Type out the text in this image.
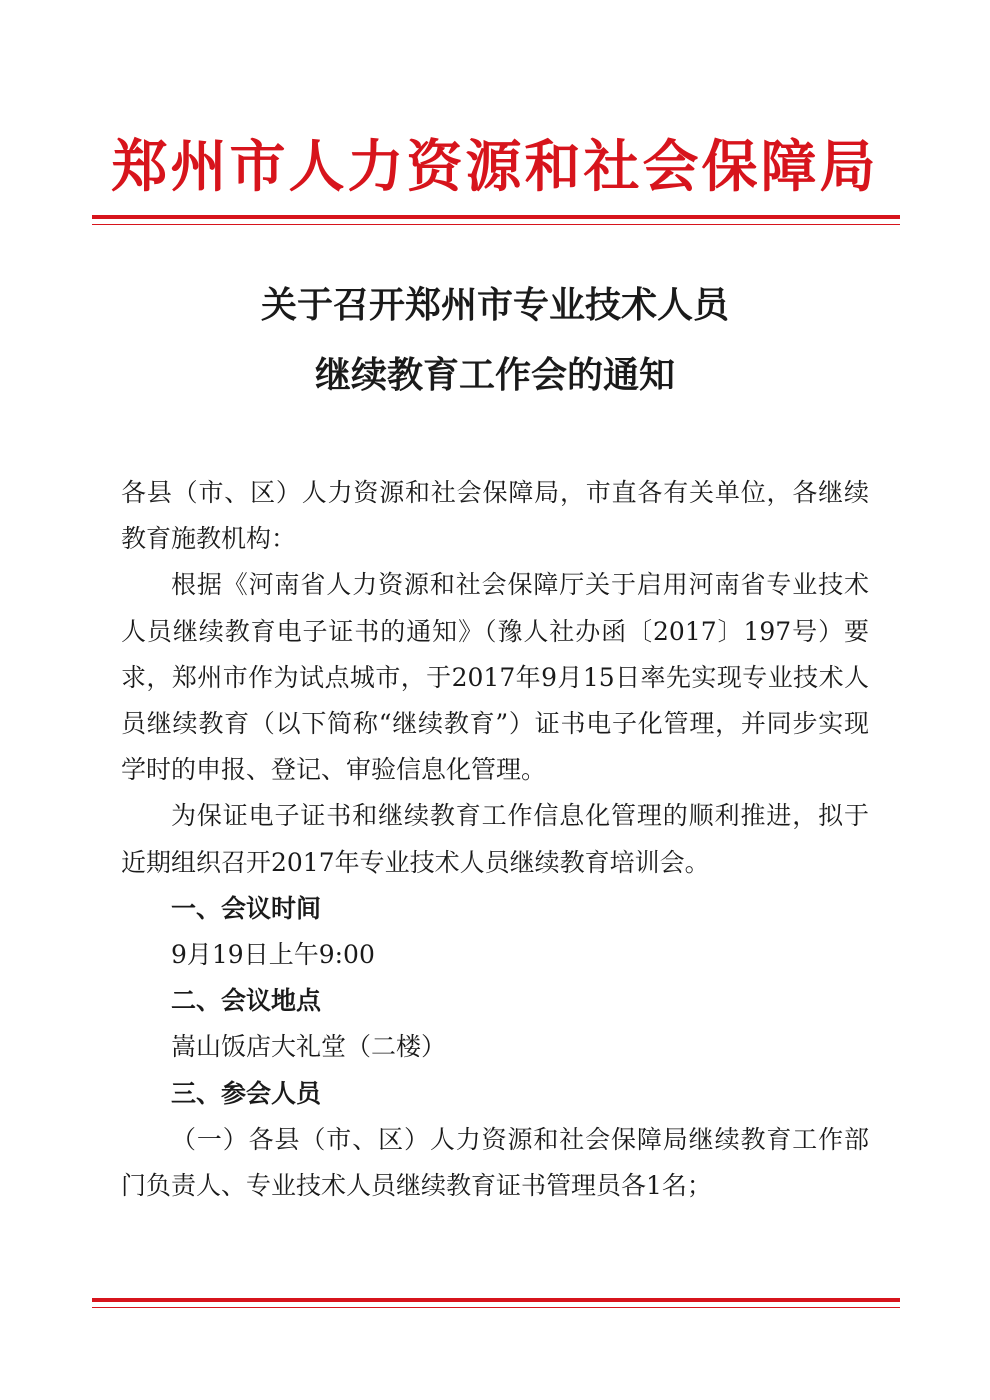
郑州市人力资源和社会保障局
关于召开郑州市专业技术人员
继续教育工作会的通知

各县（市、区）人力资源和社会保障局，市直各有关单位，各继续教育施教机构：

根据《河南省人力资源和社会保障厅关于启用河南省专业技术人员继续教育电子证书的通知》（豫人社办函〔2017〕197号）要求，郑州市作为试点城市，于2017年9月15日率先实现专业技术人员继续教育（以下简称“继续教育”）证书电子化管理，并同步实现学时的申报、登记、审验信息化管理。

为保证电子证书和继续教育工作信息化管理的顺利推进，拟于近期组织召开2017年专业技术人员继续教育培训会。

一、会议时间

9月19日上午9:00

二、会议地点

嵩山饭店大礼堂（二楼）

三、参会人员

（一）各县（市、区）人力资源和社会保障局继续教育工作部门负责人、专业技术人员继续教育证书管理员各1名；
